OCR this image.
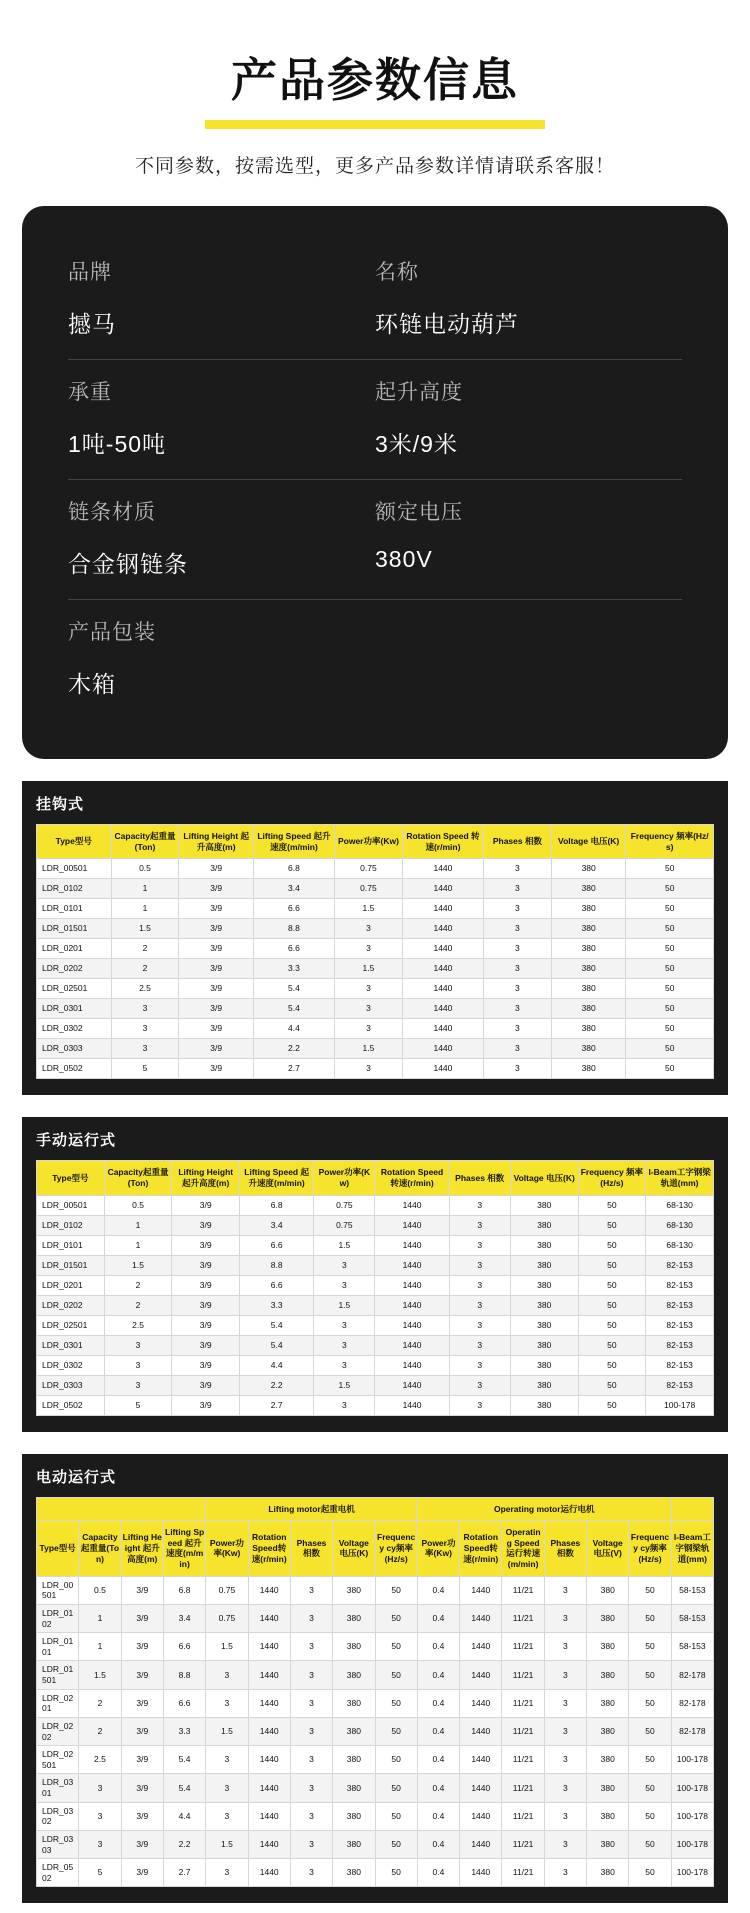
产品参数信息
不同参数，按需选型，更多产品参数详情请联系客服！
品牌
撼马
名称
环链电动葫芦
承重
1吨-50吨
起升高度
3米/9米
链条材质
合金钢链条
额定电压
380V
产品包装
木箱
挂钩式
Type型号	Capacity起重量(Ton)	Lifting Height 起升高度(m)	Lifting Speed 起升速度(m/min)	Power功率(Kw)	Rotation Speed 转速(r/min)	Phases 相数	Voltage 电压(K)	Frequency 频率(Hz/s)
LDR_00501	0.5	3/9	6.8	0.75	1440	3	380	50
LDR_0102	1	3/9	3.4	0.75	1440	3	380	50
LDR_0101	1	3/9	6.6	1.5	1440	3	380	50
LDR_01501	1.5	3/9	8.8	3	1440	3	380	50
LDR_0201	2	3/9	6.6	3	1440	3	380	50
LDR_0202	2	3/9	3.3	1.5	1440	3	380	50
LDR_02501	2.5	3/9	5.4	3	1440	3	380	50
LDR_0301	3	3/9	5.4	3	1440	3	380	50
LDR_0302	3	3/9	4.4	3	1440	3	380	50
LDR_0303	3	3/9	2.2	1.5	1440	3	380	50
LDR_0502	5	3/9	2.7	3	1440	3	380	50
手动运行式
Type型号	Capacity起重量(Ton)	Lifting Height 起升高度(m)	Lifting Speed 起升速度(m/min)	Power功率(Kw)	Rotation Speed 转速(r/min)	Phases 相数	Voltage 电压(K)	Frequency 频率(Hz/s)	I-Beam工字钢梁轨道(mm)
LDR_00501	0.5	3/9	6.8	0.75	1440	3	380	50	68-130
LDR_0102	1	3/9	3.4	0.75	1440	3	380	50	68-130
LDR_0101	1	3/9	6.6	1.5	1440	3	380	50	68-130
LDR_01501	1.5	3/9	8.8	3	1440	3	380	50	82-153
LDR_0201	2	3/9	6.6	3	1440	3	380	50	82-153
LDR_0202	2	3/9	3.3	1.5	1440	3	380	50	82-153
LDR_02501	2.5	3/9	5.4	3	1440	3	380	50	82-153
LDR_0301	3	3/9	5.4	3	1440	3	380	50	82-153
LDR_0302	3	3/9	4.4	3	1440	3	380	50	82-153
LDR_0303	3	3/9	2.2	1.5	1440	3	380	50	82-153
LDR_0502	5	3/9	2.7	3	1440	3	380	50	100-178
电动运行式
				Lifting motor起重电机					Operating motor运行电机						
Type型号	Capacity起重量(Ton)	Lifting Height 起升高度(m)	Lifting Speed 起升速度(m/min)	Power功率(Kw)	Rotation Speed转速(r/min)	Phases 相数	Voltage 电压(K)	Frequency cy频率(Hz/s)	Power功率(Kw)	Rotation Speed转速(r/min)	Operating Speed运行转速(m/min)	Phases 相数	Voltage 电压(V)	Frequency cy频率(Hz/s)	I-Beam工字钢梁轨道(mm)
LDR_00501	0.5	3/9	6.8	0.75	1440	3	380	50	0.4	1440	11/21	3	380	50	58-153
LDR_0102	1	3/9	3.4	0.75	1440	3	380	50	0.4	1440	11/21	3	380	50	58-153
LDR_0101	1	3/9	6.6	1.5	1440	3	380	50	0.4	1440	11/21	3	380	50	58-153
LDR_01501	1.5	3/9	8.8	3	1440	3	380	50	0.4	1440	11/21	3	380	50	82-178
LDR_0201	2	3/9	6.6	3	1440	3	380	50	0.4	1440	11/21	3	380	50	82-178
LDR_0202	2	3/9	3.3	1.5	1440	3	380	50	0.4	1440	11/21	3	380	50	82-178
LDR_02501	2.5	3/9	5.4	3	1440	3	380	50	0.4	1440	11/21	3	380	50	100-178
LDR_0301	3	3/9	5.4	3	1440	3	380	50	0.4	1440	11/21	3	380	50	100-178
LDR_0302	3	3/9	4.4	3	1440	3	380	50	0.4	1440	11/21	3	380	50	100-178
LDR_0303	3	3/9	2.2	1.5	1440	3	380	50	0.4	1440	11/21	3	380	50	100-178
LDR_0502	5	3/9	2.7	3	1440	3	380	50	0.4	1440	11/21	3	380	50	100-178
